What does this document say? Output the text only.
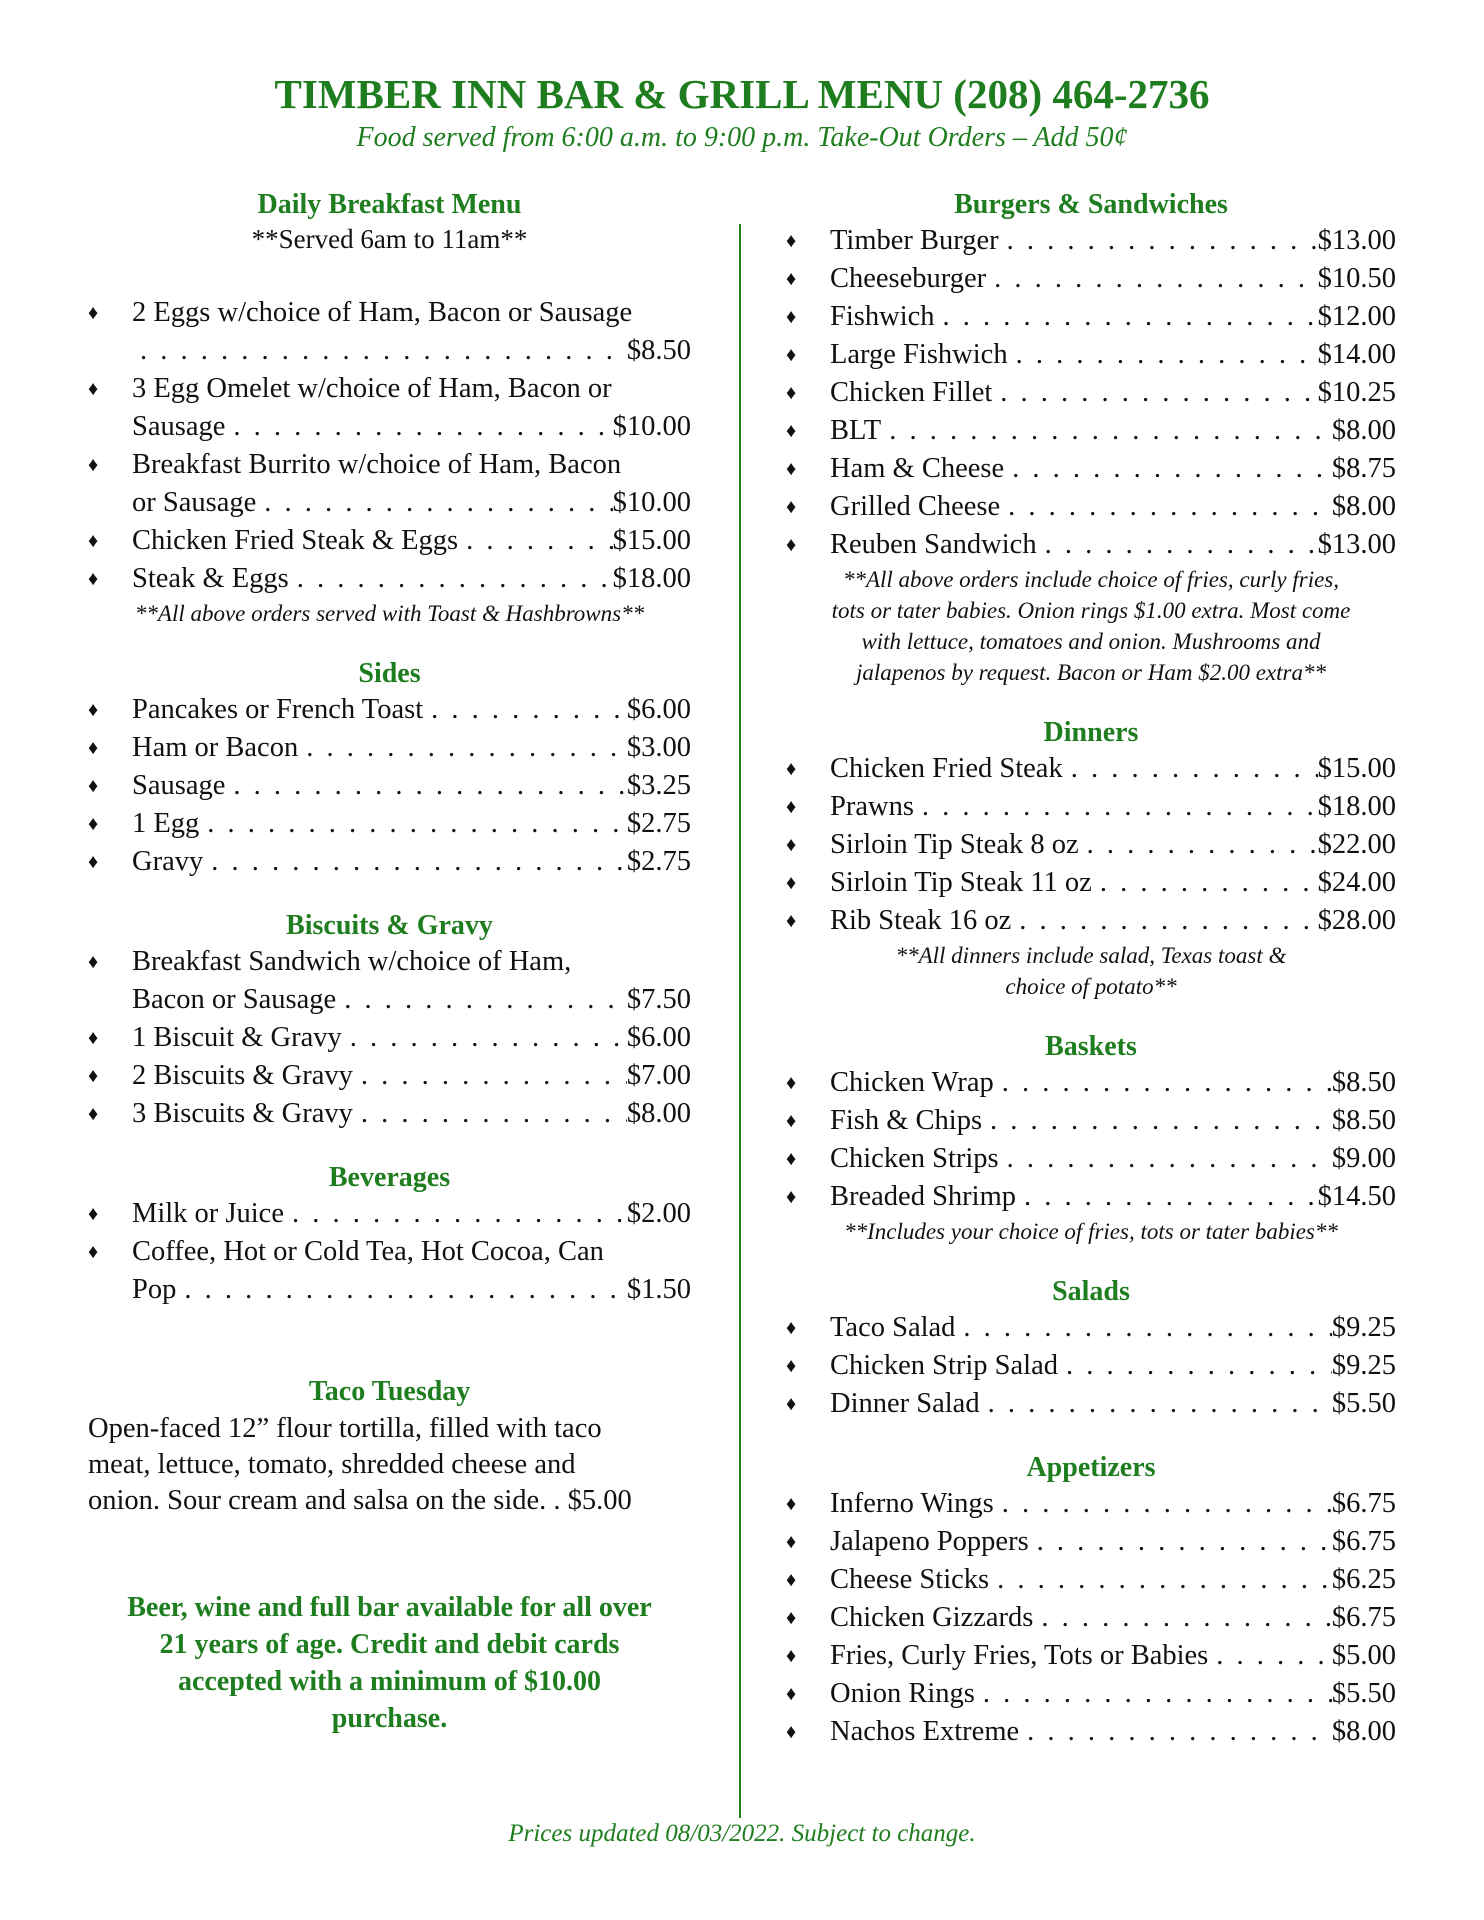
TIMBER INN BAR & GRILL MENU (208) 464-2736
Food served from 6:00 a.m. to 9:00 p.m. Take-Out Orders – Add 50¢
Daily Breakfast Menu

**Served 6am to 11am**

♦ 2 Eggs w/choice of Ham, Bacon or Sausage
. . .
$8.50
♦ 3 Egg Omelet w/choice of Ham, Bacon or
Sausage . . .	$10.00
♦ Breakfast Burrito w/choice of Ham, Bacon
or Sausage . . .	$10.00
♦ Chicken Fried Steak & Eggs . . .	$15.00
♦ Steak & Eggs . . .	$18.00

**All above orders served with Toast & Hashbrowns**

Sides
♦ Pancakes or French Toast . . .	$6.00
♦ Ham or Bacon . . .	$3.00
♦ Sausage . . .	$3.25
♦ 1 Egg . . .	$2.75
♦ Gravy . . .	$2.75
Biscuits & Gravy
♦ Breakfast Sandwich w/choice of Ham,
Bacon or Sausage . . .	$7.50
♦ 1 Biscuit & Gravy . . .	$6.00
♦ 2 Biscuits & Gravy . . .	$7.00
♦ 3 Biscuits & Gravy . . .	$8.00
Beverages
♦ Milk or Juice . . .	$2.00
♦ Coffee, Hot or Cold Tea, Hot Cocoa, Can
Pop . . .	$1.50
Taco Tuesday
Open-faced 12” flour tortilla, filled with taco
meat, lettuce, tomato, shredded cheese and
onion. Sour cream and salsa on the side. . $5.00

Beer, wine and full bar available for all over

21 years of age. Credit and debit cards

accepted with a minimum of $10.00

purchase.

Burgers & Sandwiches
♦ Timber Burger . . .	$13.00
♦ Cheeseburger . . .	$10.50
♦ Fishwich . . .	$12.00
♦ Large Fishwich . . .	$14.00
♦ Chicken Fillet . . .	$10.25
♦ BLT . . .	$8.00
♦ Ham & Cheese . . .	$8.75
♦ Grilled Cheese . . .	$8.00
♦ Reuben Sandwich . . .	$13.00

**All above orders include choice of fries, curly fries,

tots or tater babies. Onion rings $1.00 extra. Most come

with lettuce, tomatoes and onion. Mushrooms and

jalapenos by request. Bacon or Ham $2.00 extra**

Dinners
♦ Chicken Fried Steak . . .	$15.00
♦ Prawns . . .	$18.00
♦ Sirloin Tip Steak 8 oz . . .	$22.00
♦ Sirloin Tip Steak 11 oz . . .	$24.00
♦ Rib Steak 16 oz . . .	$28.00

**All dinners include salad, Texas toast &

choice of potato**

Baskets
♦ Chicken Wrap . . .	$8.50
♦ Fish & Chips . . .	$8.50
♦ Chicken Strips . . .	$9.00
♦ Breaded Shrimp . . .	$14.50

**Includes your choice of fries, tots or tater babies**

Salads
♦ Taco Salad . . .	$9.25
♦ Chicken Strip Salad . . .	$9.25
♦ Dinner Salad . . .	$5.50
Appetizers
♦ Inferno Wings . . .	$6.75
♦ Jalapeno Poppers . . .	$6.75
♦ Cheese Sticks . . .	$6.25
♦ Chicken Gizzards . . .	$6.75
♦ Fries, Curly Fries, Tots or Babies . . .	$5.00
♦ Onion Rings . . .	$5.50
♦ Nachos Extreme . . .	$8.00
Prices updated 08/03/2022. Subject to change.
